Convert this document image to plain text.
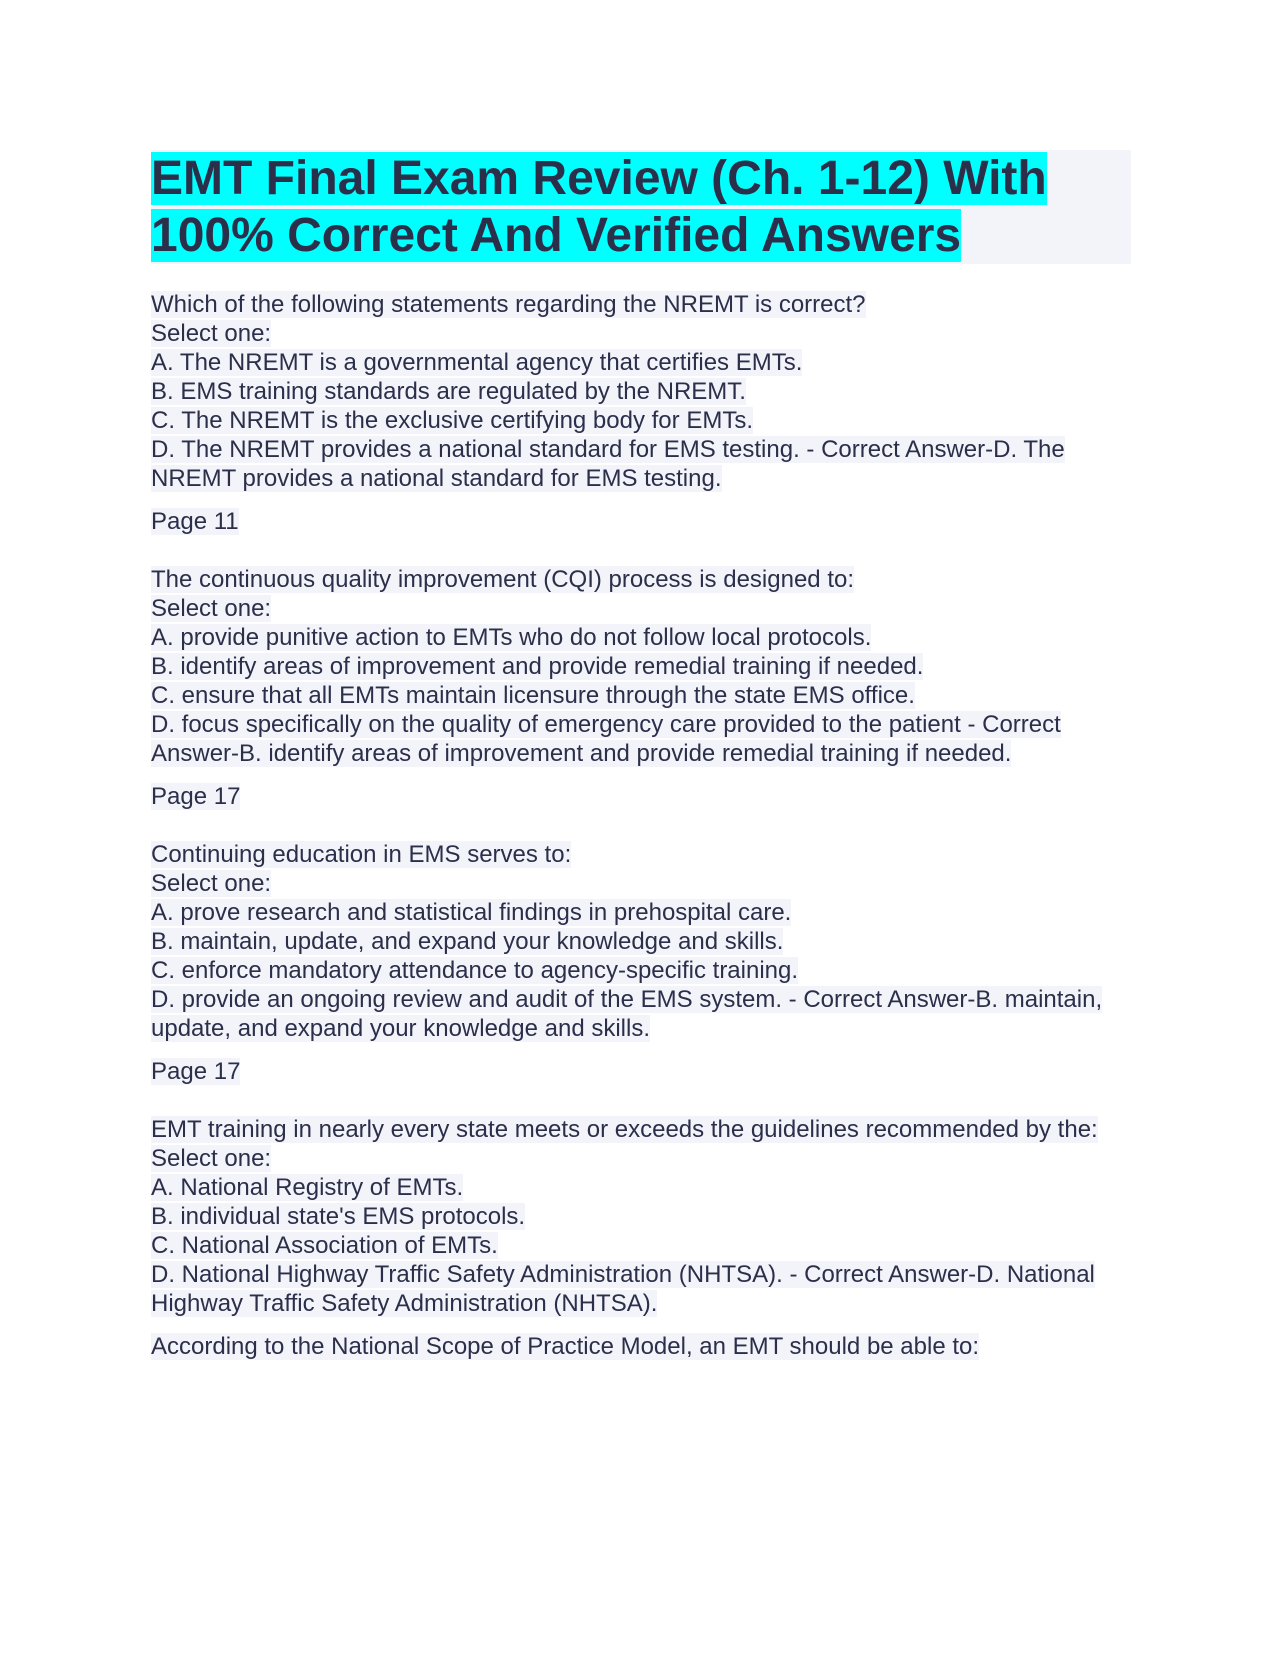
EMT Final Exam Review (Ch. 1-12) With 100% Correct And Verified Answers
Which of the following statements regarding the NREMT is correct?
Select one:
A. The NREMT is a governmental agency that certifies EMTs.
B. EMS training standards are regulated by the NREMT.
C. The NREMT is the exclusive certifying body for EMTs.
D. The NREMT provides a national standard for EMS testing. - Correct Answer-D. The NREMT provides a national standard for EMS testing.
Page 11
The continuous quality improvement (CQI) process is designed to:
Select one:
A. provide punitive action to EMTs who do not follow local protocols.
B. identify areas of improvement and provide remedial training if needed.
C. ensure that all EMTs maintain licensure through the state EMS office.
D. focus specifically on the quality of emergency care provided to the patient - Correct Answer-B. identify areas of improvement and provide remedial training if needed.
Page 17
Continuing education in EMS serves to:
Select one:
A. prove research and statistical findings in prehospital care.
B. maintain, update, and expand your knowledge and skills.
C. enforce mandatory attendance to agency-specific training.
D. provide an ongoing review and audit of the EMS system. - Correct Answer-B. maintain, update, and expand your knowledge and skills.
Page 17
EMT training in nearly every state meets or exceeds the guidelines recommended by the:
Select one:
A. National Registry of EMTs.
B. individual state's EMS protocols.
C. National Association of EMTs.
D. National Highway Traffic Safety Administration (NHTSA). - Correct Answer-D. National Highway Traffic Safety Administration (NHTSA).
According to the National Scope of Practice Model, an EMT should be able to:
